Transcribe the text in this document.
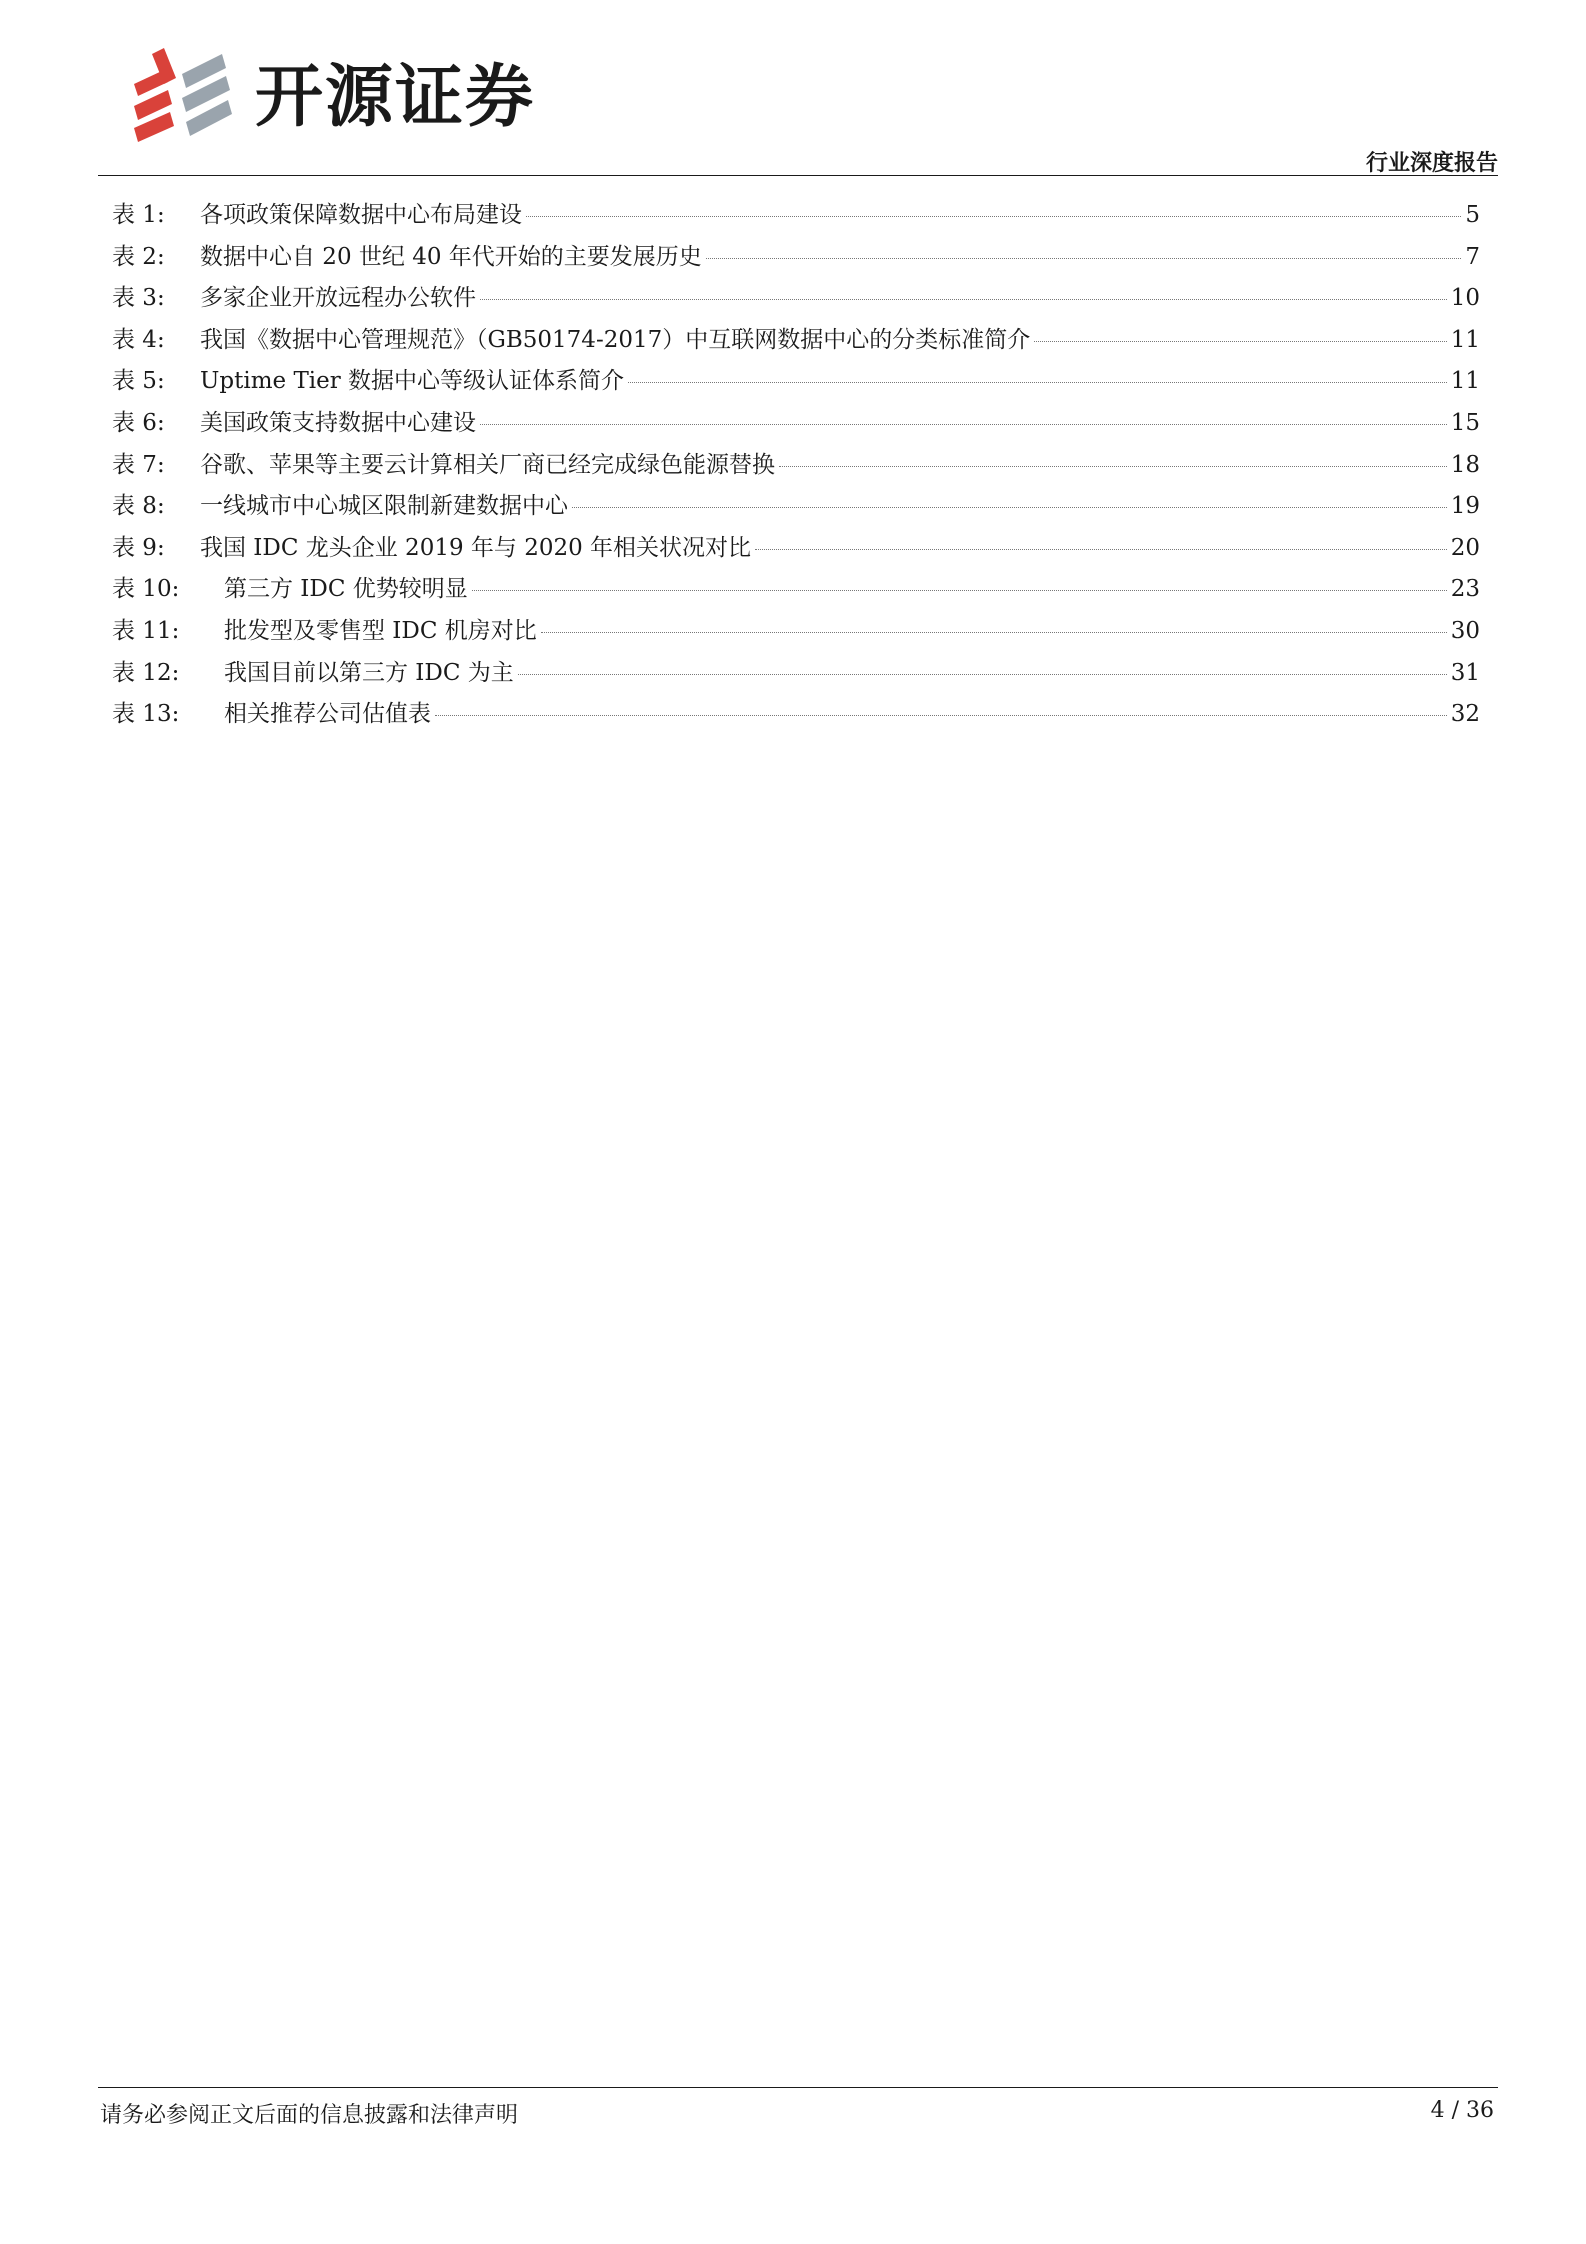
开源证券
行业深度报告
表 1:	各项政策保障数据中心布局建设	5
表 2:	数据中心自 20 世纪 40 年代开始的主要发展历史	7
表 3:	多家企业开放远程办公软件	10
表 4:	我国《数据中心管理规范》（GB50174-2017）中互联网数据中心的分类标准简介	11
表 5:	Uptime Tier 数据中心等级认证体系简介	11
表 6:	美国政策支持数据中心建设	15
表 7:	谷歌、苹果等主要云计算相关厂商已经完成绿色能源替换	18
表 8:	一线城市中心城区限制新建数据中心	19
表 9:	我国 IDC 龙头企业 2019 年与 2020 年相关状况对比	20
表 10:	第三方 IDC 优势较明显	23
表 11:	批发型及零售型 IDC 机房对比	30
表 12:	我国目前以第三方 IDC 为主	31
表 13:	相关推荐公司估值表	32
请务必参阅正文后面的信息披露和法律声明	4 / 36
